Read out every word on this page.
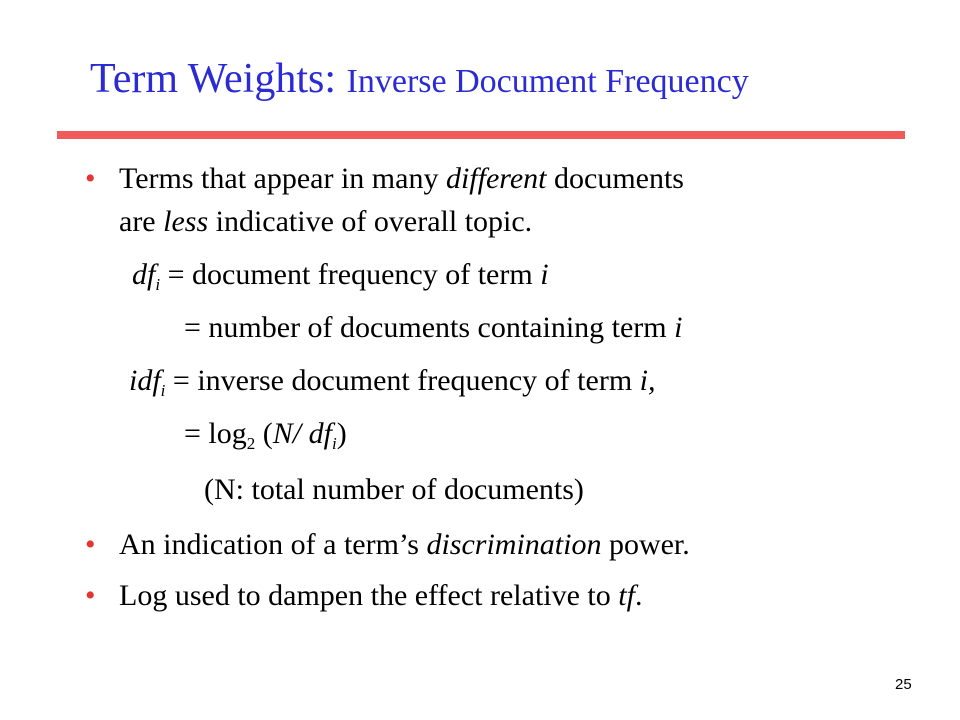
Term Weights: Inverse Document Frequency
• Terms that appear in many different documents
are less indicative of overall topic.
$df_i$ = document frequency of term i
= number of documents containing term i
idf$_i$ = inverse document frequency of term i,
= $\log_2 (N/$ $df_i$)
(N: total number of documents)
• An indication of a term’s discrimination power.
• Log used to dampen the effect relative to tf.
25
